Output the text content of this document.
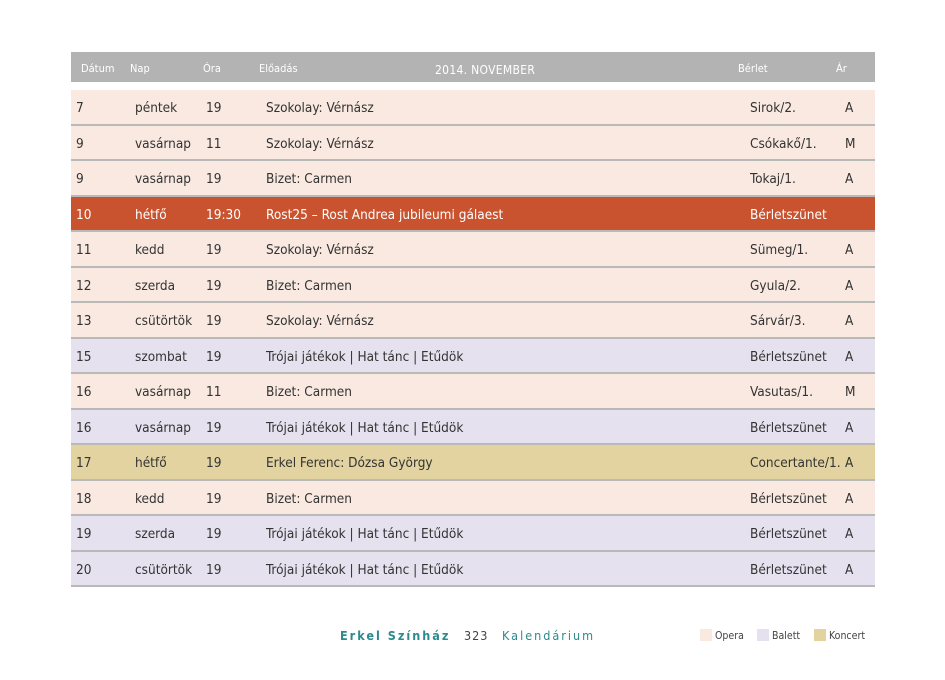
Dátum Nap	Óra	Előadás	2014. NOVEMBER	Bérlet	Ár
7	péntek 19	Szokolay: Vérnász	Sirok/2.	A
9	vasárnap 11	Szokolay: Vérnász	Csókakő/1. M
9	vasárnap 19	Bizet: Carmen	Tokaj/1.	A
10	hétfő	19:30 Rost25 – Rost Andrea jubileumi gálaest	Bérletszünet
11	kedd	19	Szokolay: Vérnász	Sümeg/1.	A
12	szerda 19	Bizet: Carmen	Gyula/2.	A
13	csütörtök 19	Szokolay: Vérnász	Sárvár/3.	A
15	szombat 19	Trójai játékok | Hat tánc | Etűdök	Bérletszünet A
16	vasárnap 11	Bizet: Carmen	Vasutas/1. M
16	vasárnap 19	Trójai játékok | Hat tánc | Etűdök	Bérletszünet A
17	hétfő	19	Erkel Ferenc: Dózsa György	Concertante/1. A
18	kedd	19	Bizet: Carmen	Bérletszünet A
19	szerda 19	Trójai játékok | Hat tánc | Etűdök	Bérletszünet A
20	csütörtök 19	Trójai játékok | Hat tánc | Etűdök	Bérletszünet A
Erkel Színház 323 Kalendárium	Opera	Balett	Koncert
